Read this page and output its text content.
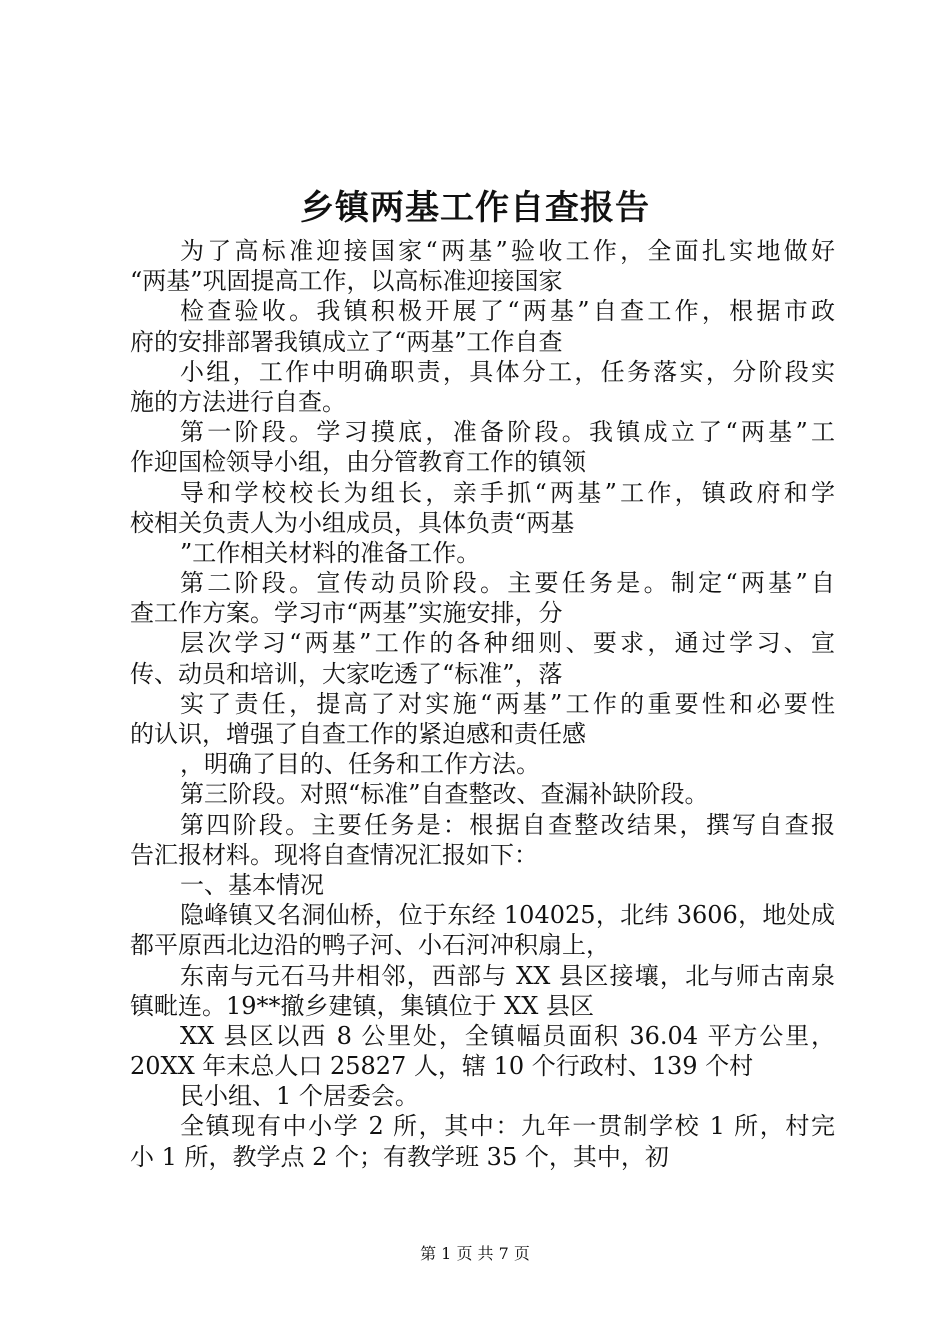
乡镇两基工作自查报告
为了高标准迎接国家“两基”验收工作，全面扎实地做好
“两基”巩固提高工作，以高标准迎接国家
检查验收。我镇积极开展了“两基”自查工作，根据市政
府的安排部署我镇成立了“两基”工作自查
小组，工作中明确职责，具体分工，任务落实，分阶段实
施的方法进行自查。
第一阶段。学习摸底，准备阶段。我镇成立了“两基”工
作迎国检领导小组，由分管教育工作的镇领
导和学校校长为组长，亲手抓“两基”工作，镇政府和学
校相关负责人为小组成员，具体负责“两基
”工作相关材料的准备工作。
第二阶段。宣传动员阶段。主要任务是。制定“两基”自
查工作方案。学习市“两基”实施安排，分
层次学习“两基”工作的各种细则、要求，通过学习、宣
传、动员和培训，大家吃透了“标准”，落
实了责任，提高了对实施“两基”工作的重要性和必要性
的认识，增强了自查工作的紧迫感和责任感
，明确了目的、任务和工作方法。
第三阶段。对照“标准”自查整改、查漏补缺阶段。
第四阶段。主要任务是：根据自查整改结果，撰写自查报
告汇报材料。现将自查情况汇报如下：
一、基本情况
隐峰镇又名洞仙桥，位于东经 104025，北纬 3606，地处成
都平原西北边沿的鸭子河、小石河冲积扇上，
东南与元石马井相邻，西部与 XX 县区接壤，北与师古南泉
镇毗连。19**撤乡建镇，集镇位于 XX 县区
XX 县区以西 8 公里处，全镇幅员面积 36.04 平方公里，
20XX 年末总人口 25827 人，辖 10 个行政村、139 个村
民小组、1 个居委会。
全镇现有中小学 2 所，其中：九年一贯制学校 1 所，村完
小 1 所，教学点 2 个；有教学班 35 个，其中，初
第 1 页 共 7 页
